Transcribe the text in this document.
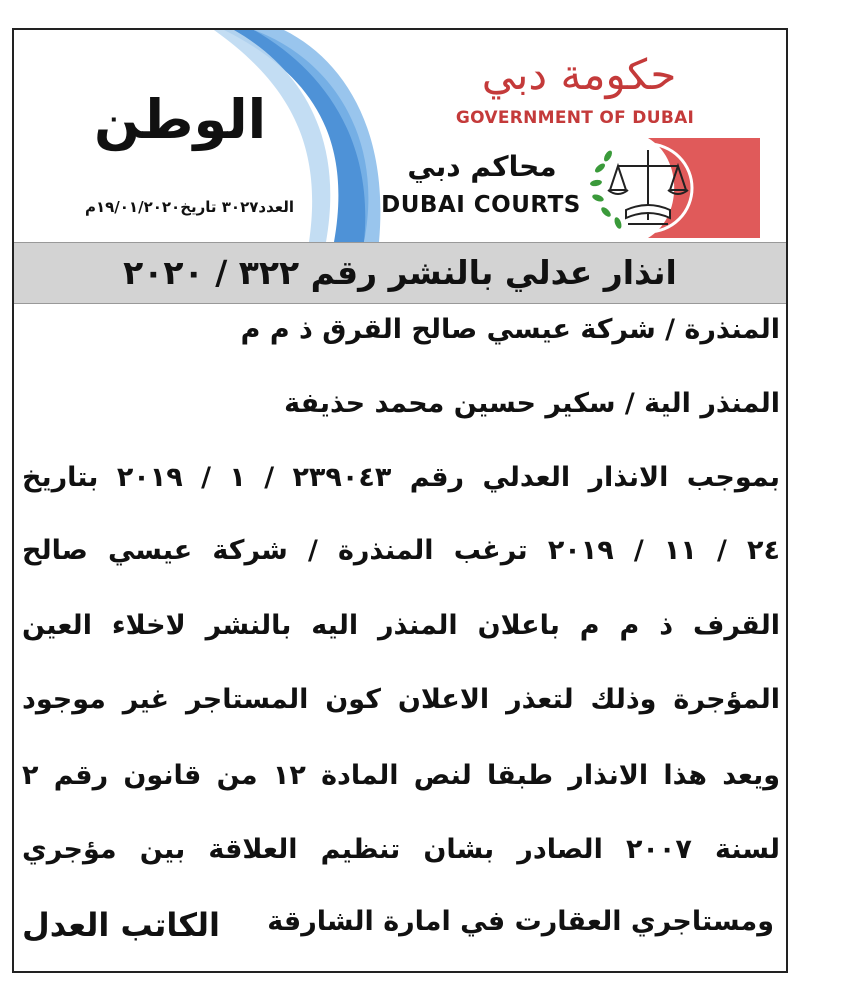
الوطن
العدد٣٠٢٧ تاريخ١٩/٠١/٢٠٢٠م
حكومة دبي
GOVERNMENT OF DUBAI
محاكم دبي
DUBAI COURTS
انذار عدلي بالنشر رقم ٣٢٢ / ٢٠٢٠
المنذرة / شركة عيسي صالح القرق ذ م م
المنذر الية / سكير حسين محمد حذيفة
بموجب الانذار العدلي رقم ٢٣٩٠٤٣ / ١ / ٢٠١٩ بتاريخ
٢٤ / ١١ / ٢٠١٩ ترغب المنذرة / شركة عيسي صالح
القرف ذ م م باعلان المنذر اليه بالنشر لاخلاء العين
المؤجرة وذلك لتعذر الاعلان كون المستاجر غير موجود
ويعد هذا الانذار طبقا لنص المادة ١٢ من قانون رقم ٢
لسنة ٢٠٠٧ الصادر بشان تنظيم العلاقة بين مؤجري
ومستاجري العقارت في امارة الشارقة
الكاتب العدل
